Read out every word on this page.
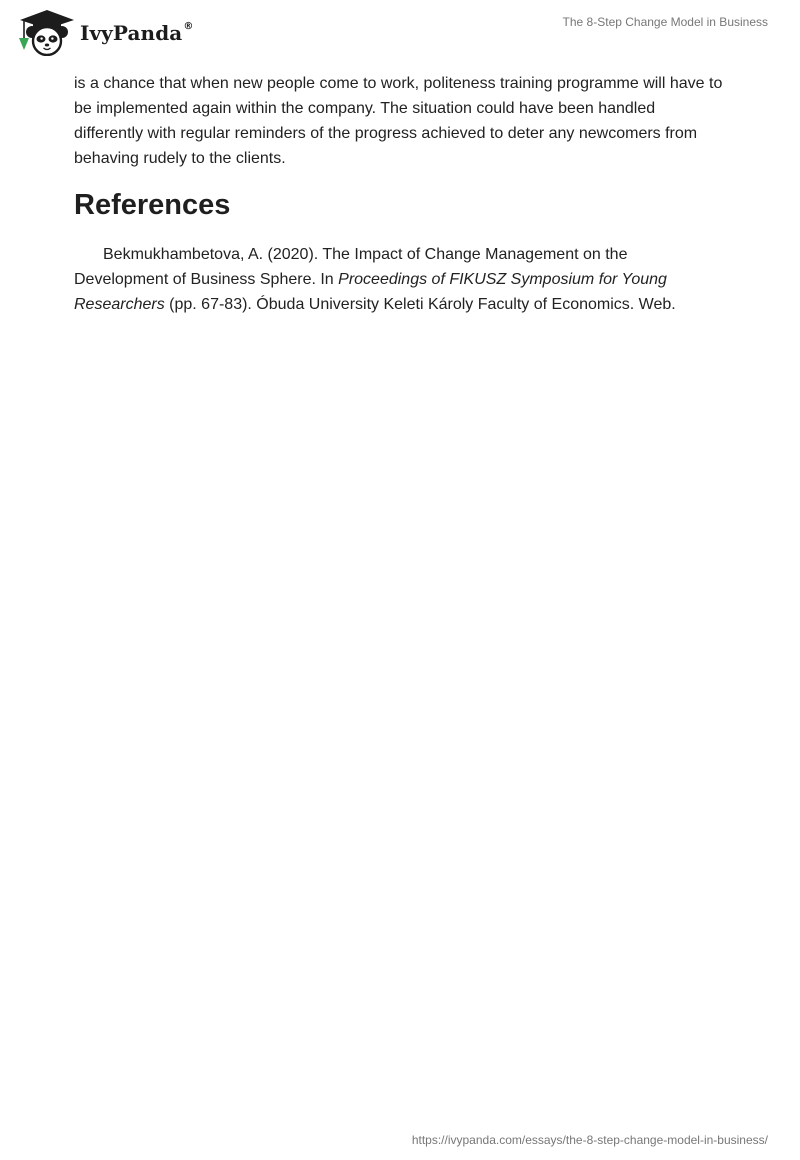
IvyPanda®	The 8-Step Change Model in Business

is a chance that when new people come to work, politeness training programme will have to be implemented again within the company. The situation could have been handled differently with regular reminders of the progress achieved to deter any newcomers from behaving rudely to the clients.

References

Bekmukhambetova, A. (2020). The Impact of Change Management on the Development of Business Sphere. In Proceedings of FIKUSZ Symposium for Young Researchers (pp. 67-83). Óbuda University Keleti Károly Faculty of Economics. Web.

https://ivypanda.com/essays/the-8-step-change-model-in-business/
